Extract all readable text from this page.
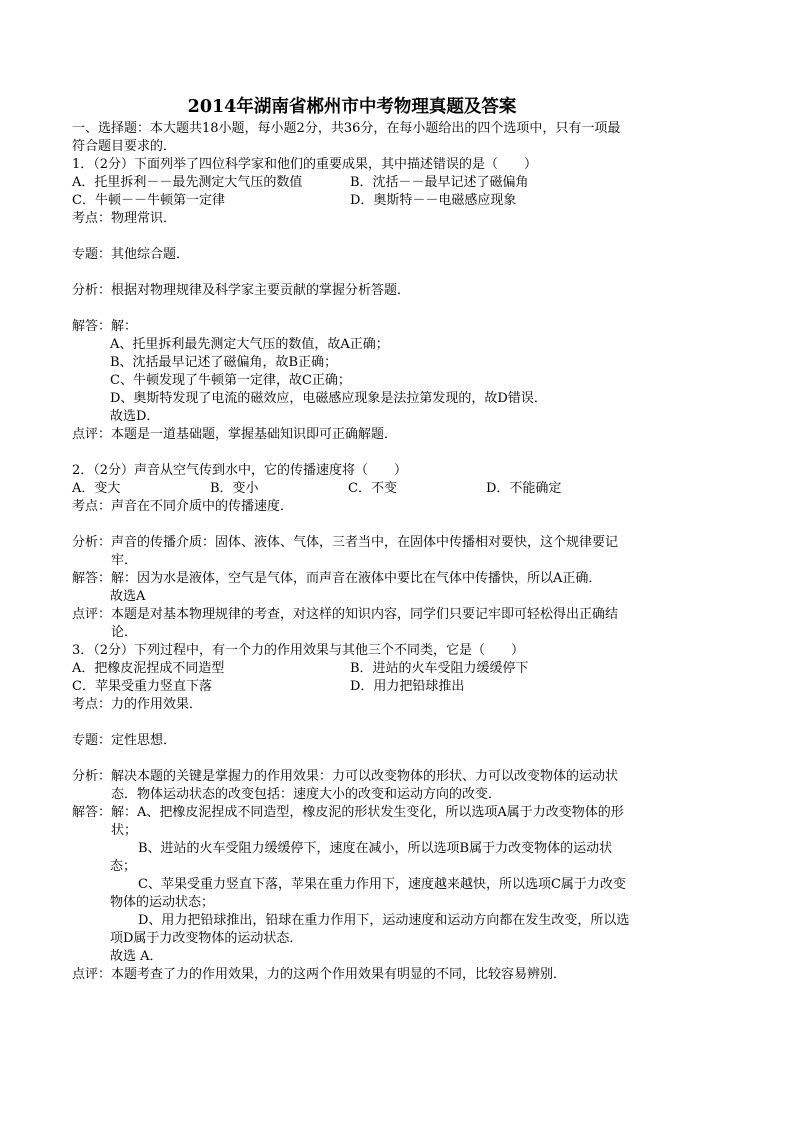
2014年湖南省郴州市中考物理真题及答案
一、选择题：本大题共18小题，每小题2分，共36分，在每小题给出的四个选项中，只有一项最符合题目要求的．
1．（2分）下面列举了四位科学家和他们的重要成果，其中描述错误的是（　　）
A．托里拆利－－最先测定大气压的数值	B．沈括－－最早记述了磁偏角
C．牛顿－－牛顿第一定律	D．奥斯特－－电磁感应现象
考点：物理常识．
专题：其他综合题．
分析：根据对物理规律及科学家主要贡献的掌握分析答题．
解答：解：
A、托里拆利最先测定大气压的数值，故A正确；
B、沈括最早记述了磁偏角，故B正确；
C、牛顿发现了牛顿第一定律，故C正确；
D、奥斯特发现了电流的磁效应，电磁感应现象是法拉第发现的，故D错误．
故选D．
点评：本题是一道基础题，掌握基础知识即可正确解题．
2．（2分）声音从空气传到水中，它的传播速度将（　　）
A．变大	B．变小	C．不变	D．不能确定
考点：声音在不同介质中的传播速度．
分析： 声音的传播介质：固体、液体、气体，三者当中，在固体中传播相对要快，这个规律要记牢．
解答： 解：因为水是液体，空气是气体，而声音在液体中要比在气体中传播快，所以A正确．
故选A
点评： 本题是对基本物理规律的考查，对这样的知识内容，同学们只要记牢即可轻松得出正确结论．
3．（2分）下列过程中，有一个力的作用效果与其他三个不同类，它是（　　）
A．把橡皮泥捏成不同造型	B．进站的火车受阻力缓缓停下
C．苹果受重力竖直下落	D．用力把铅球推出
考点：力的作用效果．
专题：定性思想．
分析： 解决本题的关键是掌握力的作用效果：力可以改变物体的形状、力可以改变物体的运动状态．物体运动状态的改变包括：速度大小的改变和运动方向的改变．
解答： 解：A、把橡皮泥捏成不同造型，橡皮泥的形状发生变化，所以选项A属于力改变物体的形状；
B、进站的火车受阻力缓缓停下，速度在减小，所以选项B属于力改变物体的运动状态；
C、苹果受重力竖直下落，苹果在重力作用下，速度越来越快，所以选项C属于力改变物体的运动状态；
D、用力把铅球推出，铅球在重力作用下，运动速度和运动方向都在发生改变，所以选项D属于力改变物体的运动状态．
故选 A．
点评：本题考查了力的作用效果，力的这两个作用效果有明显的不同，比较容易辨别．
